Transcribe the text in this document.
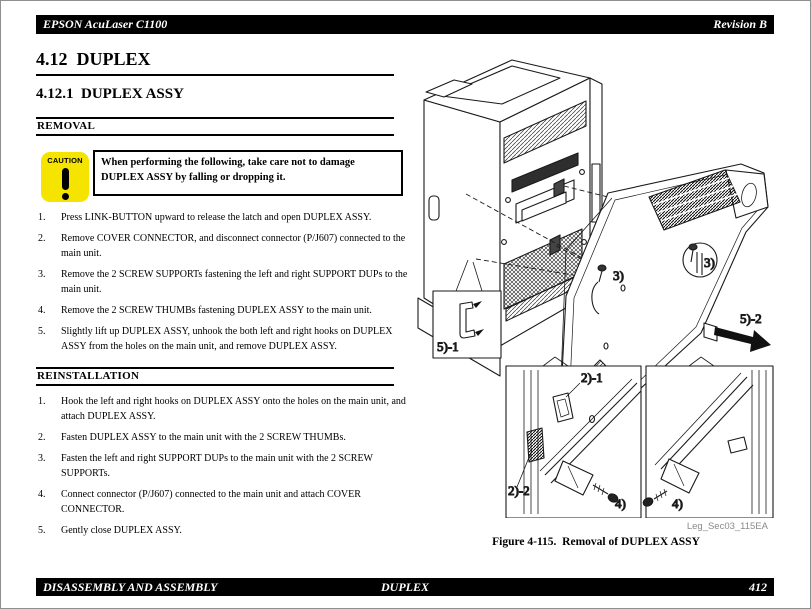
EPSON AcuLaser C1100	Revision B
4.12  DUPLEX
4.12.1  DUPLEX ASSY
REMOVAL
CAUTION	When performing the following, take care not to damage DUPLEX ASSY by falling or dropping it.
1.	Press LINK-BUTTON upward to release the latch and open DUPLEX ASSY.
2.	Remove COVER CONNECTOR, and disconnect connector (P/J607) connected to the main unit.
3.	Remove the 2 SCREW SUPPORTs fastening the left and right SUPPORT DUPs to the main unit.
4.	Remove the 2 SCREW THUMBs fastening DUPLEX ASSY to the main unit.
5.	Slightly lift up DUPLEX ASSY, unhook the both left and right hooks on DUPLEX ASSY from the holes on the main unit, and remove DUPLEX ASSY.
REINSTALLATION
1.	Hook the left and right hooks on DUPLEX ASSY onto the holes on the main unit, and attach DUPLEX ASSY.
2.	Fasten DUPLEX ASSY to the main unit with the 2 SCREW THUMBs.
3.	Fasten the left and right SUPPORT DUPs to the main unit with the 2 SCREW SUPPORTs.
4.	Connect connector (P/J607) connected to the main unit and attach COVER CONNECTOR.
5.	Gently close DUPLEX ASSY.
3)
3)
5)-1
5)-2
2)-1
2)-2
4)	4)
Leg_Sec03_115EA
Figure 4-115.  Removal of DUPLEX ASSY
DISASSEMBLY AND ASSEMBLY	DUPLEX	412
